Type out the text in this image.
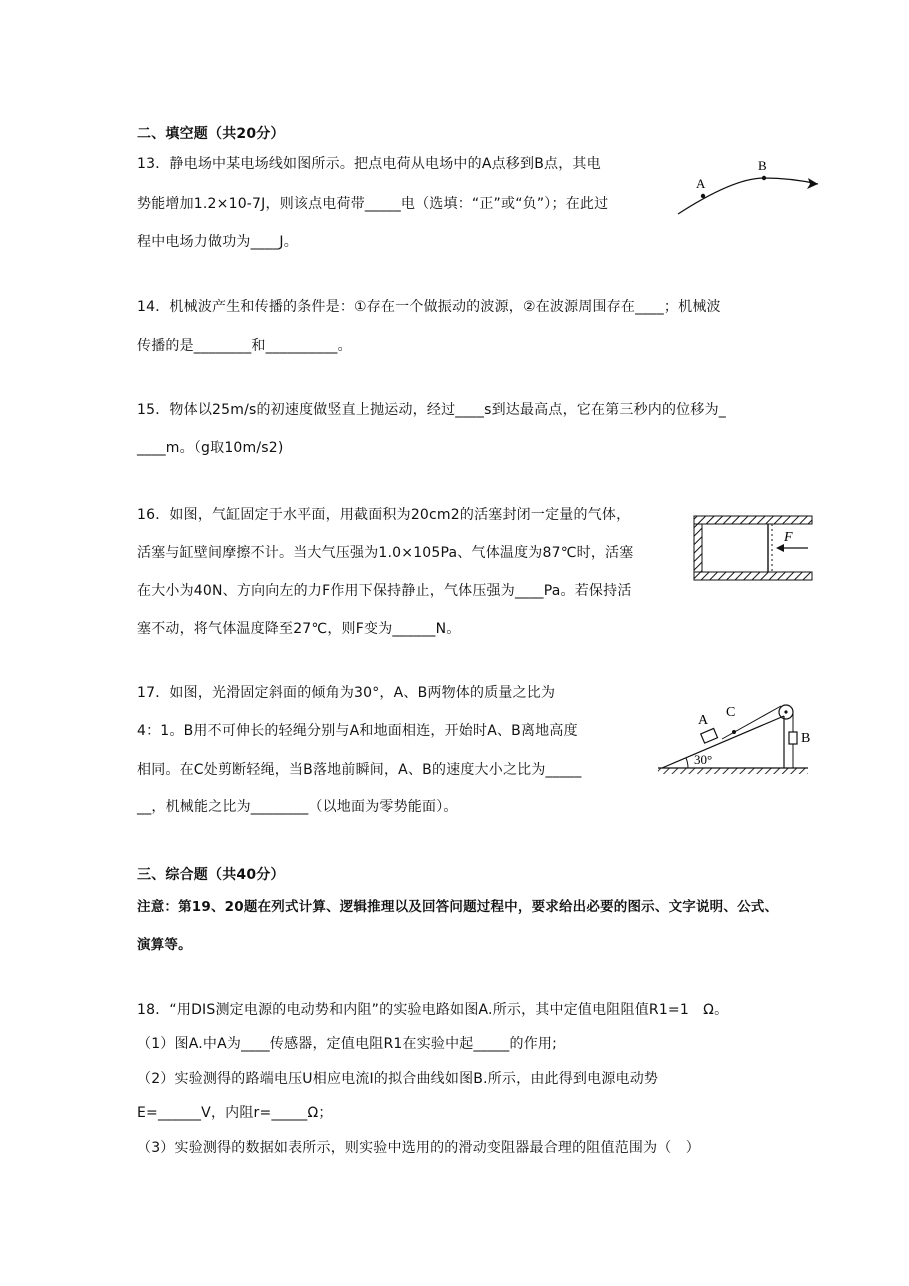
二、填空题（共20分）
13．静电场中某电场线如图所示。把点电荷从电场中的A点移到B点，其电
势能增加1.2×10-7J，则该点电荷带_____电（选填：“正”或“负”）；在此过
程中电场力做功为____J。
A
B
14．机械波产生和传播的条件是：①存在一个做振动的波源，②在波源周围存在____；机械波
传播的是________和__________。
15．物体以25m/s的初速度做竖直上抛运动，经过____s到达最高点，它在第三秒内的位移为_
____m。（g取10m/s2)
16．如图，气缸固定于水平面，用截面积为20cm2的活塞封闭一定量的气体，
活塞与缸壁间摩擦不计。当大气压强为1.0×105Pa、气体温度为87℃时，活塞
在大小为40N、方向向左的力F作用下保持静止，气体压强为____Pa。若保持活
塞不动，将气体温度降至27℃，则F变为______N。
F
17．如图，光滑固定斜面的倾角为30°，A、B两物体的质量之比为
4：1。B用不可伸长的轻绳分别与A和地面相连，开始时A、B离地高度
相同。在C处剪断轻绳，当B落地前瞬间，A、B的速度大小之比为_____
__，机械能之比为________（以地面为零势能面）。
A
C
B
30°
三、综合题（共40分）
注意：第19、20题在列式计算、逻辑推理以及回答问题过程中，要求给出必要的图示、文字说明、公式、
演算等。
18．“用DIS测定电源的电动势和内阻”的实验电路如图A.所示，其中定值电阻阻值R1=1　Ω。
（1）图A.中A为____传感器，定值电阻R1在实验中起_____的作用;
（2）实验测得的路端电压U相应电流I的拟合曲线如图B.所示，由此得到电源电动势
E=______V，内阻r=_____Ω；
（3）实验测得的数据如表所示，则实验中选用的的滑动变阻器最合理的阻值范围为（　）
